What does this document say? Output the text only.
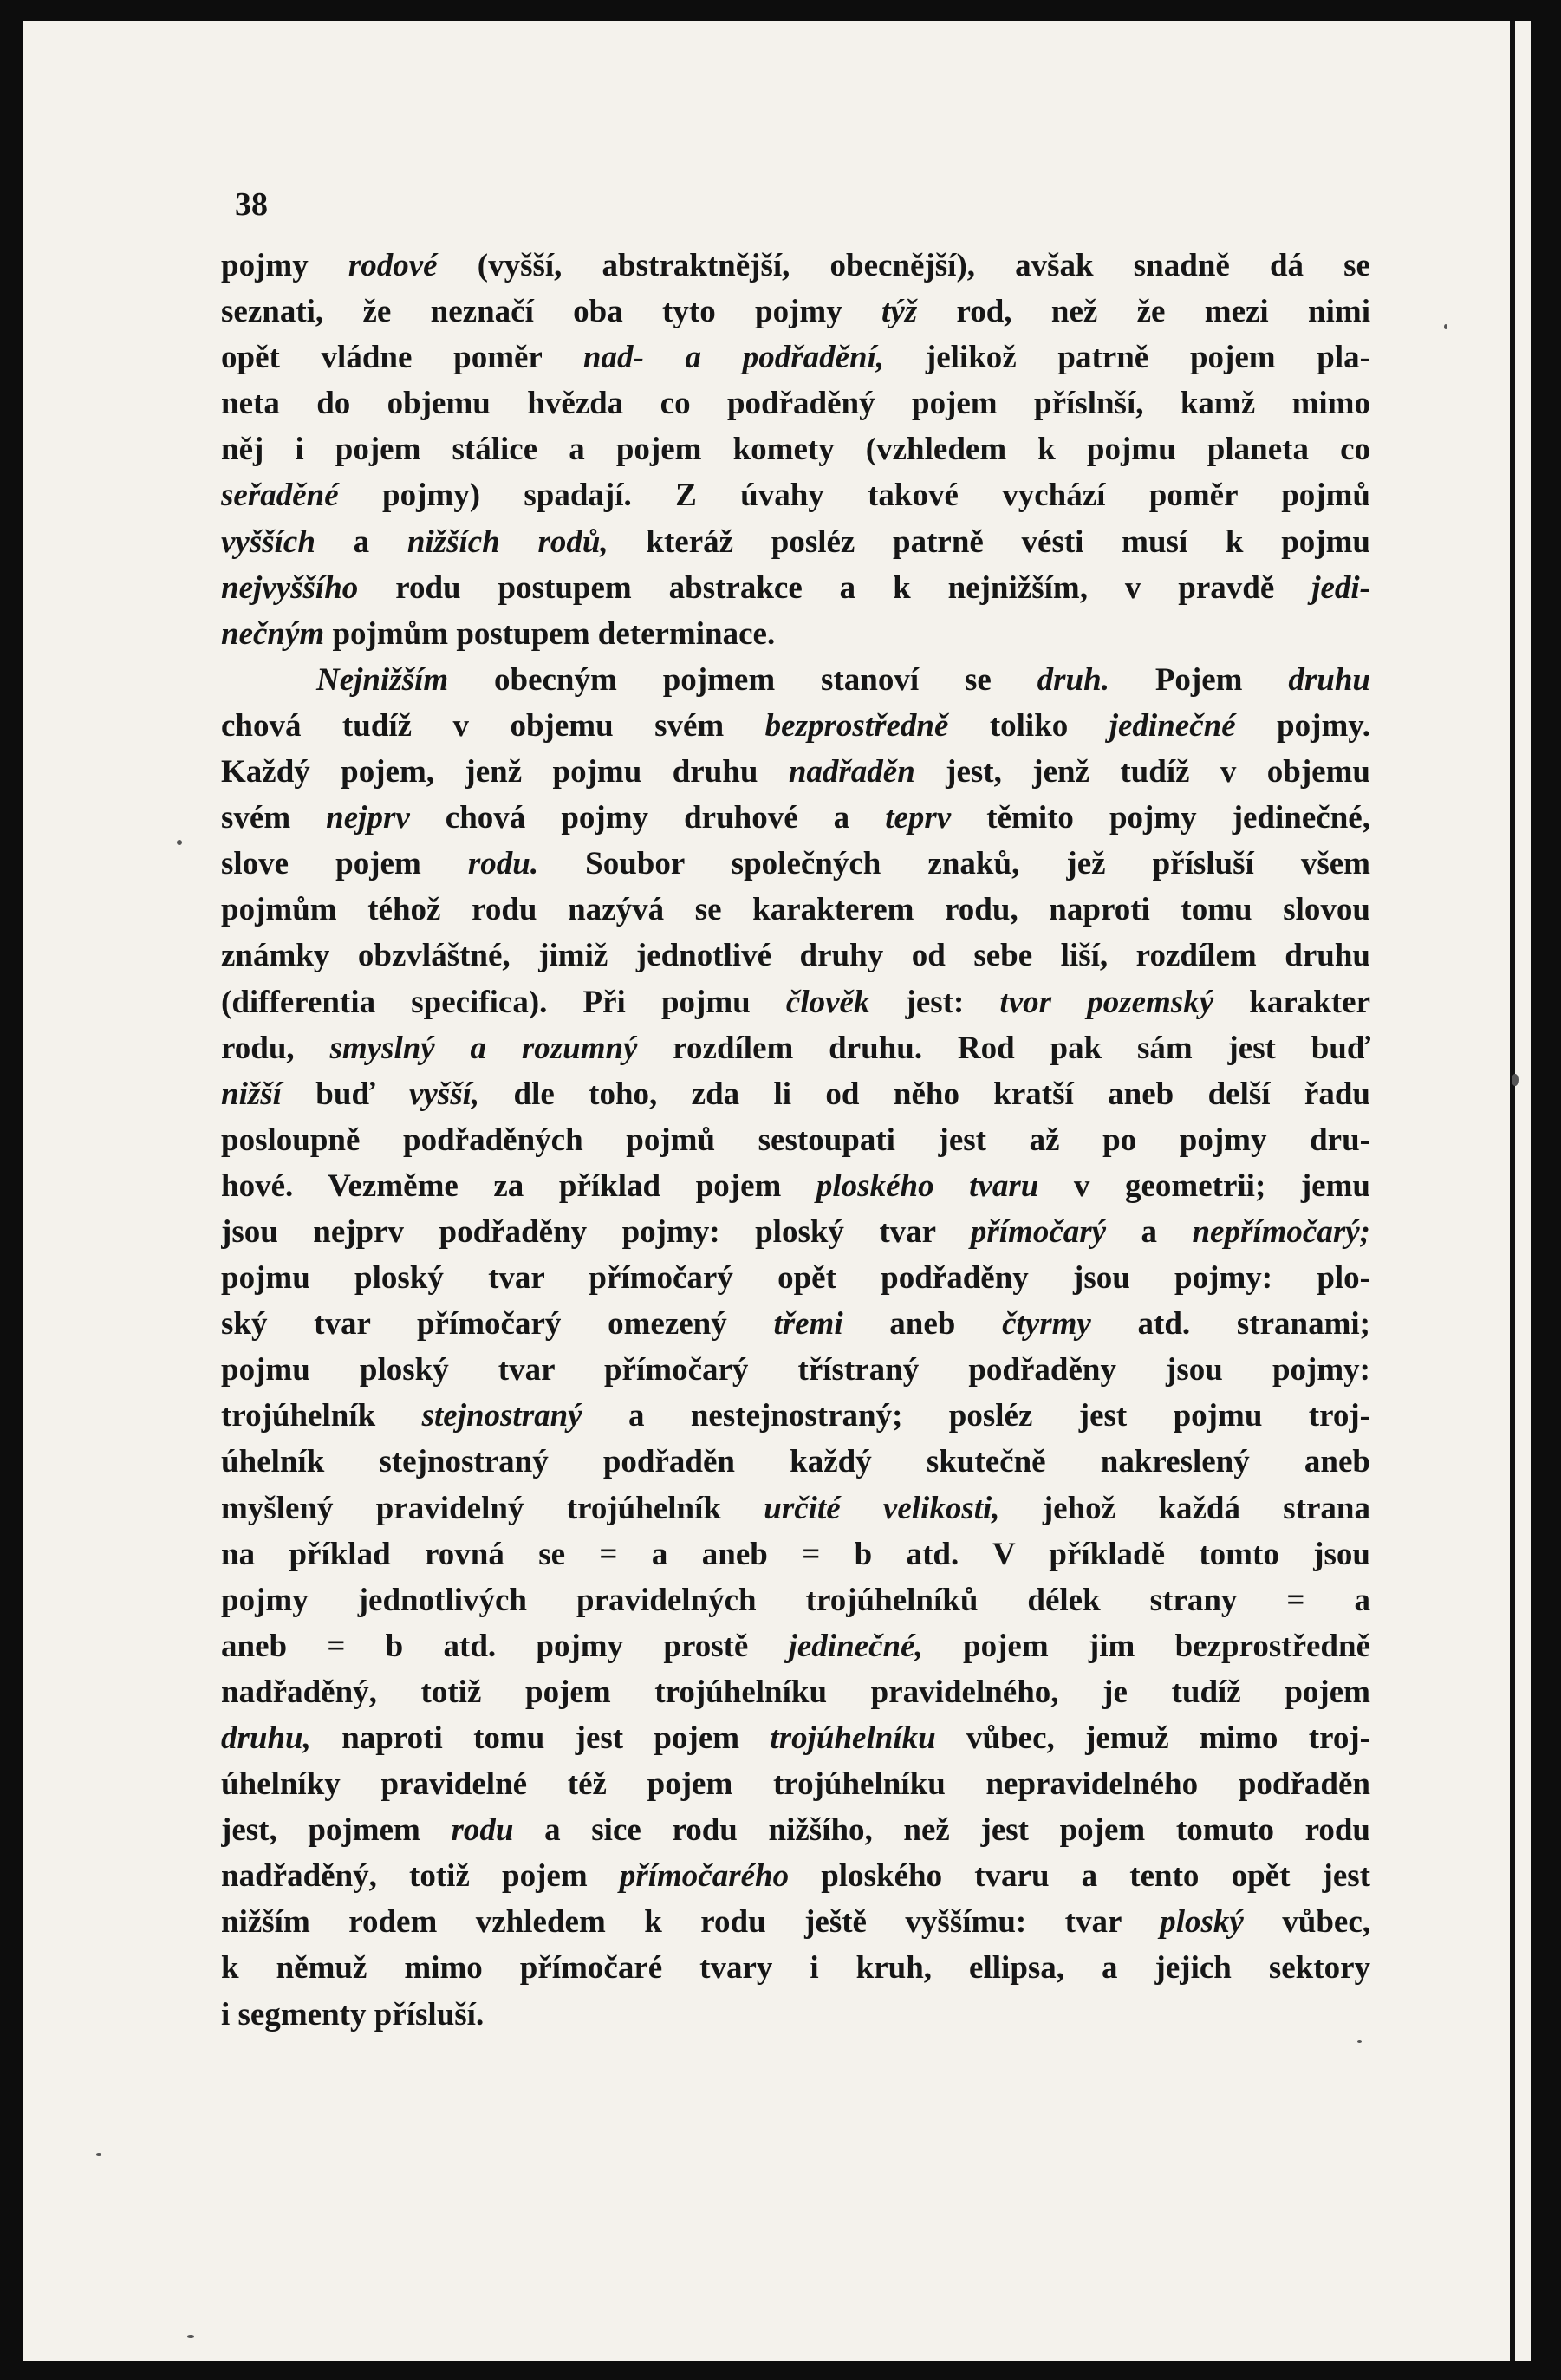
38
pojmy rodové (vyšší, abstraktnější, obecnější), avšak snadně dá se
seznati, že neznačí oba tyto pojmy týž rod, než že mezi nimi
opět vládne poměr nad- a podřadění, jelikož patrně pojem pla-
neta do objemu hvězda co podřaděný pojem příslnší, kamž mimo
něj i pojem stálice a pojem komety (vzhledem k pojmu planeta co
seřaděné pojmy) spadají. Z úvahy takové vychází poměr pojmů
vyšších a nižších rodů, kteráž posléz patrně vésti musí k pojmu
nejvyššího rodu postupem abstrakce a k nejnižším, v pravdě jedi-
nečným pojmům postupem determinace.
Nejnižším obecným pojmem stanoví se druh. Pojem druhu
chová tudíž v objemu svém bezprostředně toliko jedinečné pojmy.
Každý pojem, jenž pojmu druhu nadřaděn jest, jenž tudíž v objemu
svém nejprv chová pojmy druhové a teprv těmito pojmy jedinečné,
slove pojem rodu. Soubor společných znaků, jež přísluší všem
pojmům téhož rodu nazývá se karakterem rodu, naproti tomu slovou
známky obzvláštné, jimiž jednotlivé druhy od sebe liší, rozdílem druhu
(differentia specifica). Při pojmu člověk jest: tvor pozemský karakter
rodu, smyslný a rozumný rozdílem druhu. Rod pak sám jest buď
nižší buď vyšší, dle toho, zda li od něho kratší aneb delší řadu
posloupně podřaděných pojmů sestoupati jest až po pojmy dru-
hové. Vezměme za příklad pojem ploského tvaru v geometrii; jemu
jsou nejprv podřaděny pojmy: ploský tvar přímočarý a nepřímočarý;
pojmu ploský tvar přímočarý opět podřaděny jsou pojmy: plo-
ský tvar přímočarý omezený třemi aneb čtyrmy atd. stranami;
pojmu ploský tvar přímočarý třístraný podřaděny jsou pojmy:
trojúhelník stejnostraný a nestejnostraný; posléz jest pojmu troj-
úhelník stejnostraný podřaděn každý skutečně nakreslený aneb
myšlený pravidelný trojúhelník určité velikosti, jehož každá strana
na příklad rovná se = a aneb = b atd. V příkladě tomto jsou
pojmy jednotlivých pravidelných trojúhelníků délek strany = a
aneb = b atd. pojmy prostě jedinečné, pojem jim bezprostředně
nadřaděný, totiž pojem trojúhelníku pravidelného, je tudíž pojem
druhu, naproti tomu jest pojem trojúhelníku vůbec, jemuž mimo troj-
úhelníky pravidelné též pojem trojúhelníku nepravidelného podřaděn
jest, pojmem rodu a sice rodu nižšího, než jest pojem tomuto rodu
nadřaděný, totiž pojem přímočarého ploského tvaru a tento opět jest
nižším rodem vzhledem k rodu ještě vyššímu: tvar ploský vůbec,
k němuž mimo přímočaré tvary i kruh, ellipsa, a jejich sektory
i segmenty přísluší.
